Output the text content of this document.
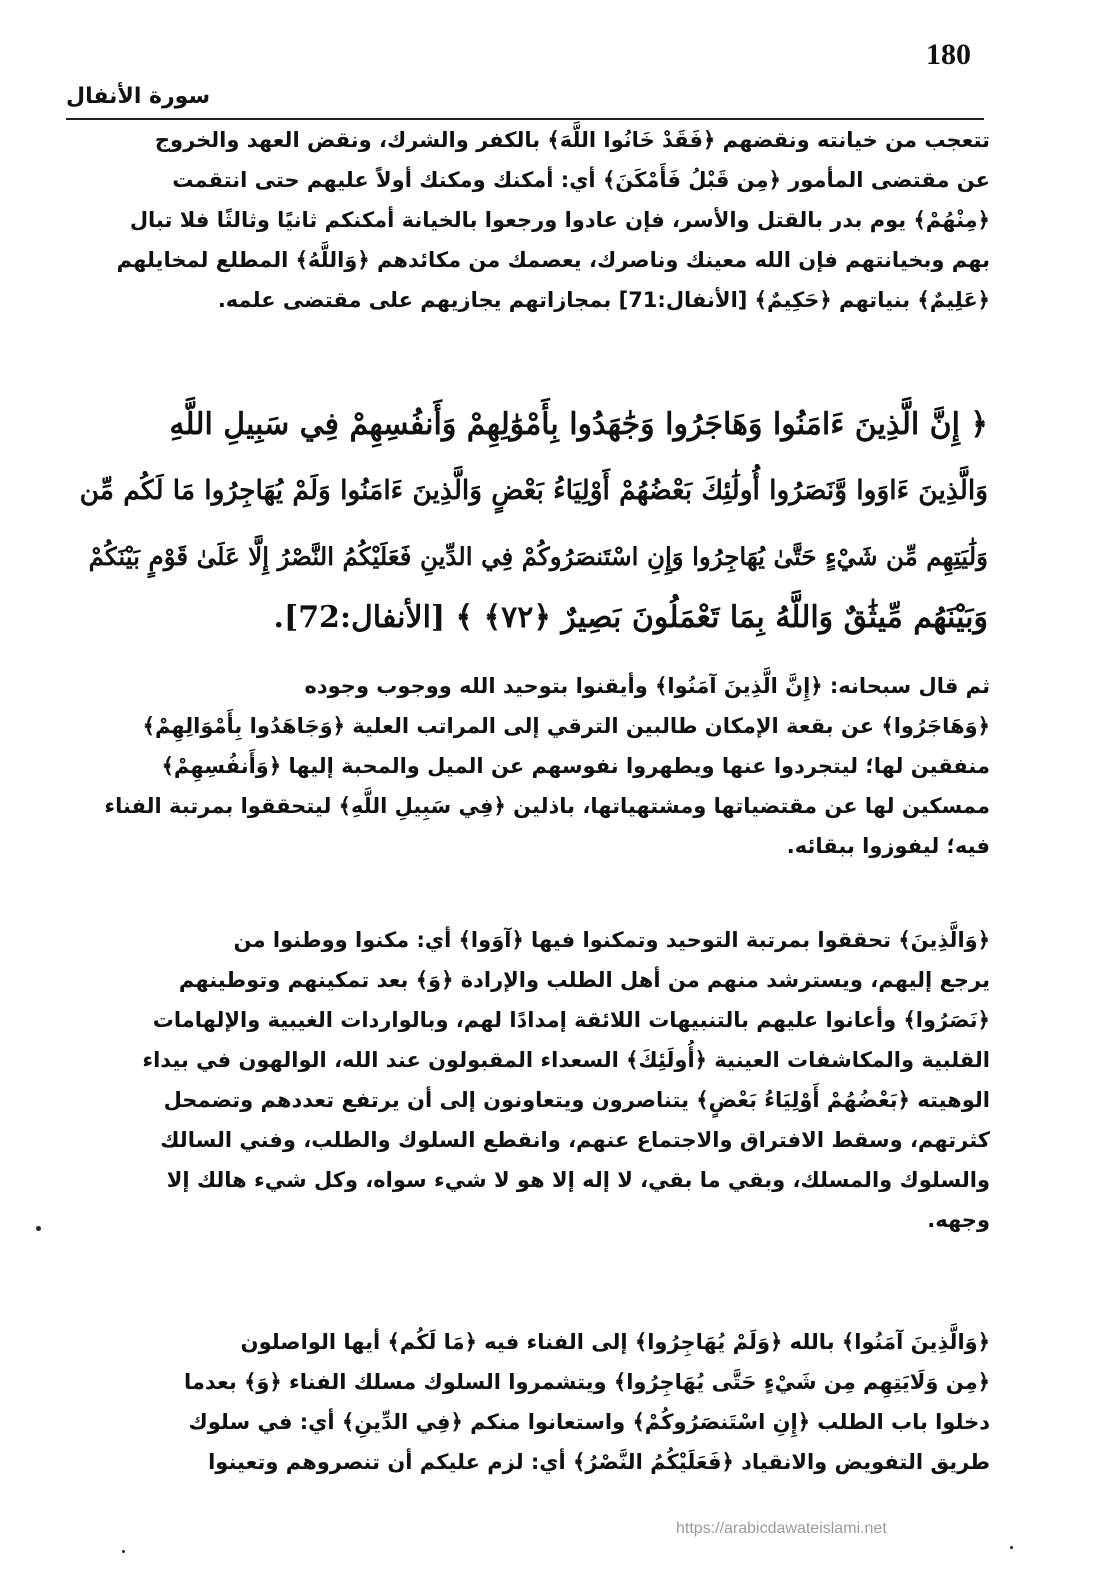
180
سورة الأنفال
تتعجب من خيانته ونقضهم ﴿فَقَدْ خَانُوا اللَّهَ﴾ بالكفر والشرك، ونقض العهد والخروج
عن مقتضى المأمور ﴿مِن قَبْلُ فَأَمْكَنَ﴾ أي: أمكنك ومكنك أولاً عليهم حتى انتقمت
﴿مِنْهُمْ﴾ يوم بدر بالقتل والأسر، فإن عادوا ورجعوا بالخيانة أمكنكم ثانيًا وثالثًا فلا تبال
بهم وبخيانتهم فإن الله معينك وناصرك، يعصمك من مكائدهم ﴿وَاللَّهُ﴾ المطلع لمخايلهم
﴿عَلِيمٌ﴾ بنياتهم ﴿حَكِيمٌ﴾ [الأنفال:71] بمجازاتهم يجازيهم على مقتضى علمه.
﴿ إِنَّ الَّذِينَ ءَامَنُوا وَهَاجَرُوا وَجَٰهَدُوا بِأَمْوَٰلِهِمْ وَأَنفُسِهِمْ فِي سَبِيلِ اللَّهِ
وَالَّذِينَ ءَاوَوا وَّنَصَرُوا أُولَٰئِكَ بَعْضُهُمْ أَوْلِيَاءُ بَعْضٍ وَالَّذِينَ ءَامَنُوا وَلَمْ يُهَاجِرُوا مَا لَكُم مِّن
وَلَٰيَتِهِم مِّن شَيْءٍ حَتَّىٰ يُهَاجِرُوا وَإِنِ اسْتَنصَرُوكُمْ فِي الدِّينِ فَعَلَيْكُمُ النَّصْرُ إِلَّا عَلَىٰ قَوْمٍ بَيْنَكُمْ
وَبَيْنَهُم مِّيثَٰقٌ وَاللَّهُ بِمَا تَعْمَلُونَ بَصِيرٌ ﴿٧٢﴾ ﴾ [الأنفال:72].
ثم قال سبحانه: ﴿إِنَّ الَّذِينَ آمَنُوا﴾ وأيقنوا بتوحيد الله ووجوب وجوده
﴿وَهَاجَرُوا﴾ عن بقعة الإمكان طالبين الترقي إلى المراتب العلية ﴿وَجَاهَدُوا بِأَمْوَالِهِمْ﴾
منفقين لها؛ ليتجردوا عنها ويطهروا نفوسهم عن الميل والمحبة إليها ﴿وَأَنفُسِهِمْ﴾
ممسكين لها عن مقتضياتها ومشتهياتها، باذلين ﴿فِي سَبِيلِ اللَّهِ﴾ ليتحققوا بمرتبة الفناء
فيه؛ ليفوزوا ببقائه.
﴿وَالَّذِينَ﴾ تحققوا بمرتبة التوحيد وتمكنوا فيها ﴿آوَوا﴾ أي: مكنوا ووطنوا من
يرجع إليهم، ويسترشد منهم من أهل الطلب والإرادة ﴿وَ﴾ بعد تمكينهم وتوطينهم
﴿نَصَرُوا﴾ وأعانوا عليهم بالتنبيهات اللائقة إمدادًا لهم، وبالواردات الغيبية والإلهامات
القلبية والمكاشفات العينية ﴿أُولَئِكَ﴾ السعداء المقبولون عند الله، الوالهون في بيداء
الوهيته ﴿بَعْضُهُمْ أَوْلِيَاءُ بَعْضٍ﴾ يتناصرون ويتعاونون إلى أن يرتفع تعددهم وتضمحل
كثرتهم، وسقط الافتراق والاجتماع عنهم، وانقطع السلوك والطلب، وفني السالك
والسلوك والمسلك، وبقي ما بقي، لا إله إلا هو لا شيء سواه، وكل شيء هالك إلا
وجهه.
﴿وَالَّذِينَ آمَنُوا﴾ بالله ﴿وَلَمْ يُهَاجِرُوا﴾ إلى الفناء فيه ﴿مَا لَكُم﴾ أيها الواصلون
﴿مِن وَلَايَتِهِم مِن شَيْءٍ حَتَّى يُهَاجِرُوا﴾ ويتشمروا السلوك مسلك الفناء ﴿وَ﴾ بعدما
دخلوا باب الطلب ﴿إِنِ اسْتَنصَرُوكُمْ﴾ واستعانوا منكم ﴿فِي الدِّينِ﴾ أي: في سلوك
طريق التفويض والانقياد ﴿فَعَلَيْكُمُ النَّصْرُ﴾ أي: لزم عليكم أن تنصروهم وتعينوا
https://arabicdawateislami.net
